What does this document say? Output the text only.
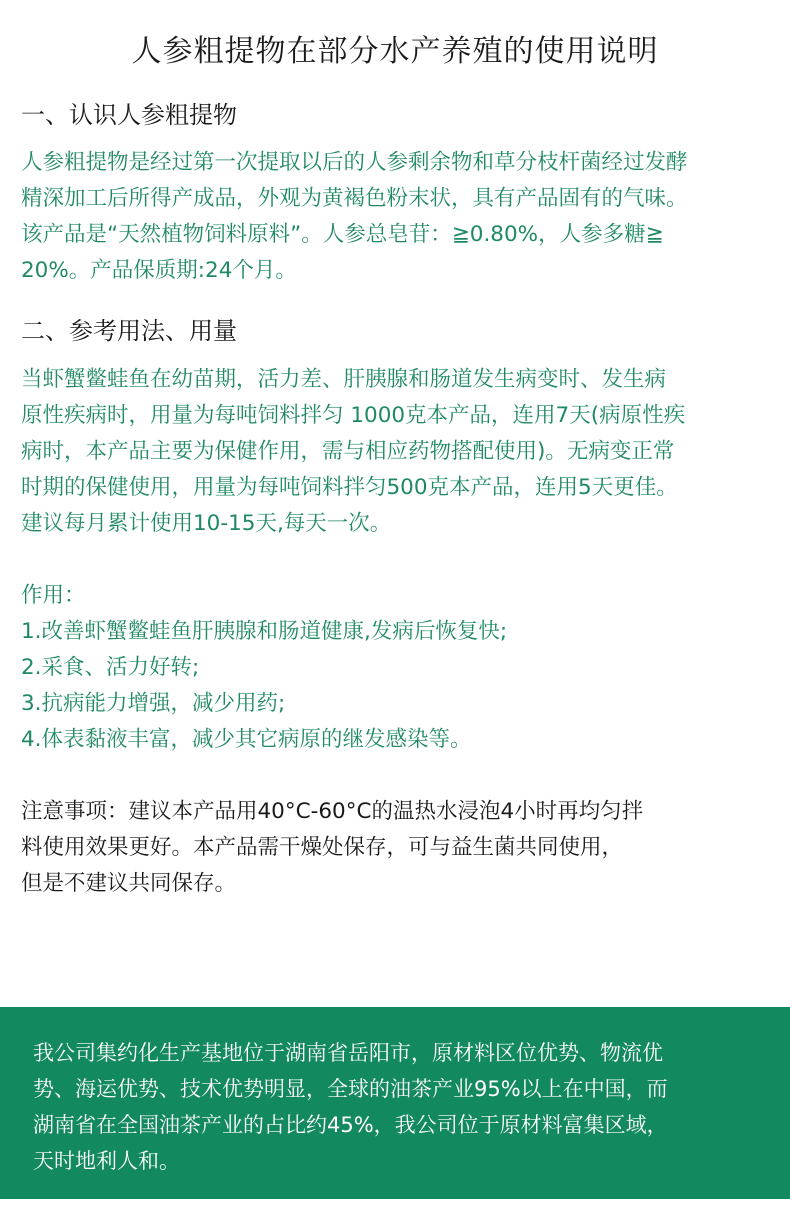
人参粗提物在部分水产养殖的使用说明
一、认识人参粗提物
人参粗提物是经过第一次提取以后的人参剩余物和草分枝杆菌经过发酵
精深加工后所得产成品，外观为黄褐色粉末状，具有产品固有的气味。
该产品是“天然植物饲料原料”。人参总皂苷：≧0.80%，人参多糖≧
20%。产品保质期:24个月。
二、参考用法、用量
当虾蟹鳖蛙鱼在幼苗期，活力差、肝胰腺和肠道发生病变时、发生病
原性疾病时，用量为每吨饲料拌匀 1000克本产品，连用7天(病原性疾
病时，本产品主要为保健作用，需与相应药物搭配使用)。无病变正常
时期的保健使用，用量为每吨饲料拌匀500克本产品，连用5天更佳。
建议每月累计使用10-15天,每天一次。
作用：
1.改善虾蟹鳖蛙鱼肝胰腺和肠道健康,发病后恢复快;
2.采食、活力好转;
3.抗病能力增强，减少用药;
4.体表黏液丰富，减少其它病原的继发感染等。
注意事项：建议本产品用40°C-60°C的温热水浸泡4小时再均匀拌
料使用效果更好。本产品需干燥处保存，可与益生菌共同使用，
但是不建议共同保存。
我公司集约化生产基地位于湖南省岳阳市，原材料区位优势、物流优
势、海运优势、技术优势明显，全球的油茶产业95%以上在中国，而
湖南省在全国油茶产业的占比约45%，我公司位于原材料富集区域，
天时地利人和。
